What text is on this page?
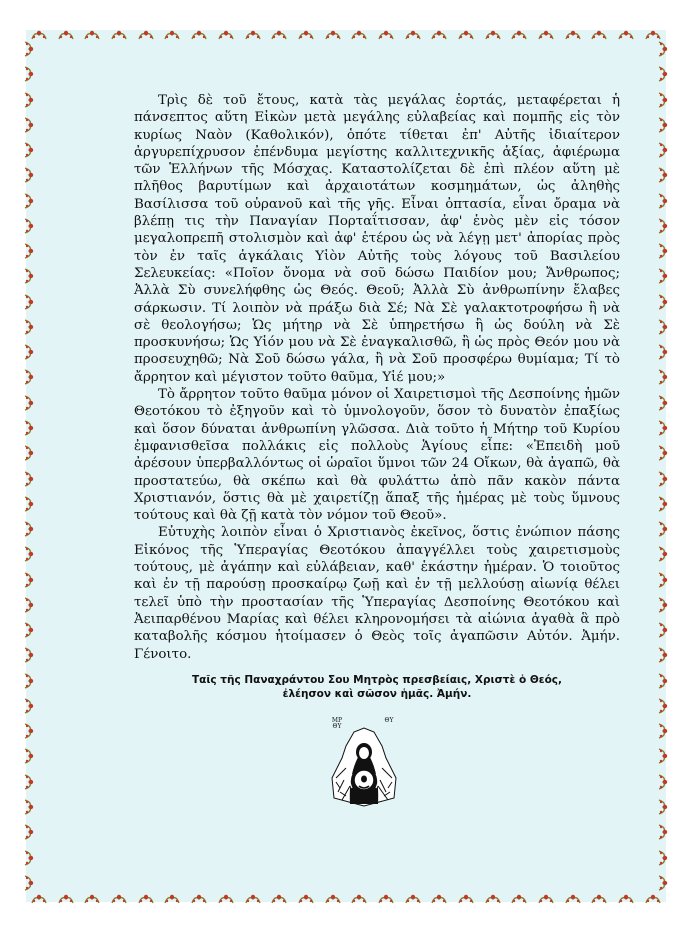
Τρὶς δὲ τοῦ ἔτους, κατὰ τὰς μεγάλας ἑορτάς, μεταφέρεται ἡ πάνσεπτος αὕτη Εἰκὼν μετὰ μεγάλης εὐλαβείας καὶ πομπῆς εἰς τὸν κυρίως Ναὸν (Καθολικόν), ὁπότε τίθεται ἐπ' Αὐτῆς ἰδιαίτερον ἀργυρεπίχρυσον ἐπένδυμα μεγίστης καλλιτεχνικῆς ἀξίας, ἀφιέρωμα τῶν Ἑλλήνων τῆς Μόσχας. Καταστολίζεται δὲ ἐπὶ πλέον αὕτη μὲ πλῆθος βαρυτίμων καὶ ἀρχαιοτάτων κοσμημάτων, ὡς ἀληθὴς Βασίλισσα τοῦ οὐρανοῦ καὶ τῆς γῆς. Εἶναι ὀπτασία, εἶναι ὄραμα νὰ βλέπῃ τις τὴν Παναγίαν Πορταΐτισσαν, ἀφ' ἑνὸς μὲν εἰς τόσον μεγαλοπρεπῆ στολισμὸν καὶ ἀφ' ἑτέρου ὡς νὰ λέγῃ μετ' ἀπορίας πρὸς τὸν ἐν ταῖς ἀγκάλαις Υἱὸν Αὐτῆς τοὺς λόγους τοῦ Βασιλείου Σελευκείας: «Ποῖον ὄνομα νὰ σοῦ δώσω Παιδίον μου; Ἄνθρωπος; Ἀλλὰ Σὺ συνελήφθης ὡς Θεός. Θεοῦ; Ἀλλὰ Σὺ ἀνθρωπίνην ἔλαβες σάρκωσιν. Τί λοιπὸν νὰ πράξω διὰ Σέ; Νὰ Σὲ γαλακτοτροφήσω ἢ νὰ σὲ θεολογήσω; Ὡς μήτηρ νὰ Σὲ ὑπηρετήσω ἢ ὡς δούλη νὰ Σὲ προσκυνήσω; Ὡς Υἱόν μου νὰ Σὲ ἐναγκαλισθῶ, ἢ ὡς πρὸς Θεόν μου νὰ προσευχηθῶ; Νὰ Σοῦ δώσω γάλα, ἢ νὰ Σοῦ προσφέρω θυμίαμα; Τί τὸ ἄρρητον καὶ μέγιστον τοῦτο θαῦμα, Υἱέ μου;»

Τὸ ἄρρητον τοῦτο θαῦμα μόνον οἱ Χαιρετισμοὶ τῆς Δεσποίνης ἡμῶν Θεοτόκου τὸ ἐξηγοῦν καὶ τὸ ὑμνολογοῦν, ὅσον τὸ δυνατὸν ἐπαξίως καὶ ὅσον δύναται ἀνθρωπίνη γλῶσσα. Διὰ τοῦτο ἡ Μήτηρ τοῦ Κυρίου ἐμφανισθεῖσα πολλάκις εἰς πολλοὺς Ἁγίους εἶπε: «Ἐπειδὴ μοῦ ἀρέσουν ὑπερβαλλόντως οἱ ὡραῖοι ὕμνοι τῶν 24 Οἴκων, θὰ ἀγαπῶ, θὰ προστατεύω, θὰ σκέπω καὶ θὰ φυλάττω ἀπὸ πᾶν κακὸν πάντα Χριστιανόν, ὅστις θὰ μὲ χαιρετίζῃ ἅπαξ τῆς ἡμέρας μὲ τοὺς ὕμνους τούτους καὶ θὰ ζῇ κατὰ τὸν νόμον τοῦ Θεοῦ».

Εὐτυχὴς λοιπὸν εἶναι ὁ Χριστιανὸς ἐκεῖνος, ὅστις ἐνώπιον πάσης Εἰκόνος τῆς Ὑπεραγίας Θεοτόκου ἀπαγγέλλει τοὺς χαιρετισμοὺς τούτους, μὲ ἀγάπην καὶ εὐλάβειαν, καθ' ἑκάστην ἡμέραν. Ὁ τοιοῦτος καὶ ἐν τῇ παρούσῃ προσκαίρῳ ζωῇ καὶ ἐν τῇ μελλούσῃ αἰωνίᾳ θέλει τελεῖ ὑπὸ τὴν προστασίαν τῆς Ὑπεραγίας Δεσποίνης Θεοτόκου καὶ Ἀειπαρθένου Μαρίας καὶ θέλει κληρονομήσει τὰ αἰώνια ἀγαθὰ ἃ πρὸ καταβολῆς κόσμου ἡτοίμασεν ὁ Θεὸς τοῖς ἀγαπῶσιν Αὐτόν. Ἀμήν. Γένοιτο.

Ταῖς τῆς Παναχράντου Σου Μητρὸς πρεσβείαις, Χριστὲ ὁ Θεός,
ἐλέησον καὶ σῶσον ἡμᾶς. Ἀμήν.
ΜΡ ΘΥ
ΘΥ
